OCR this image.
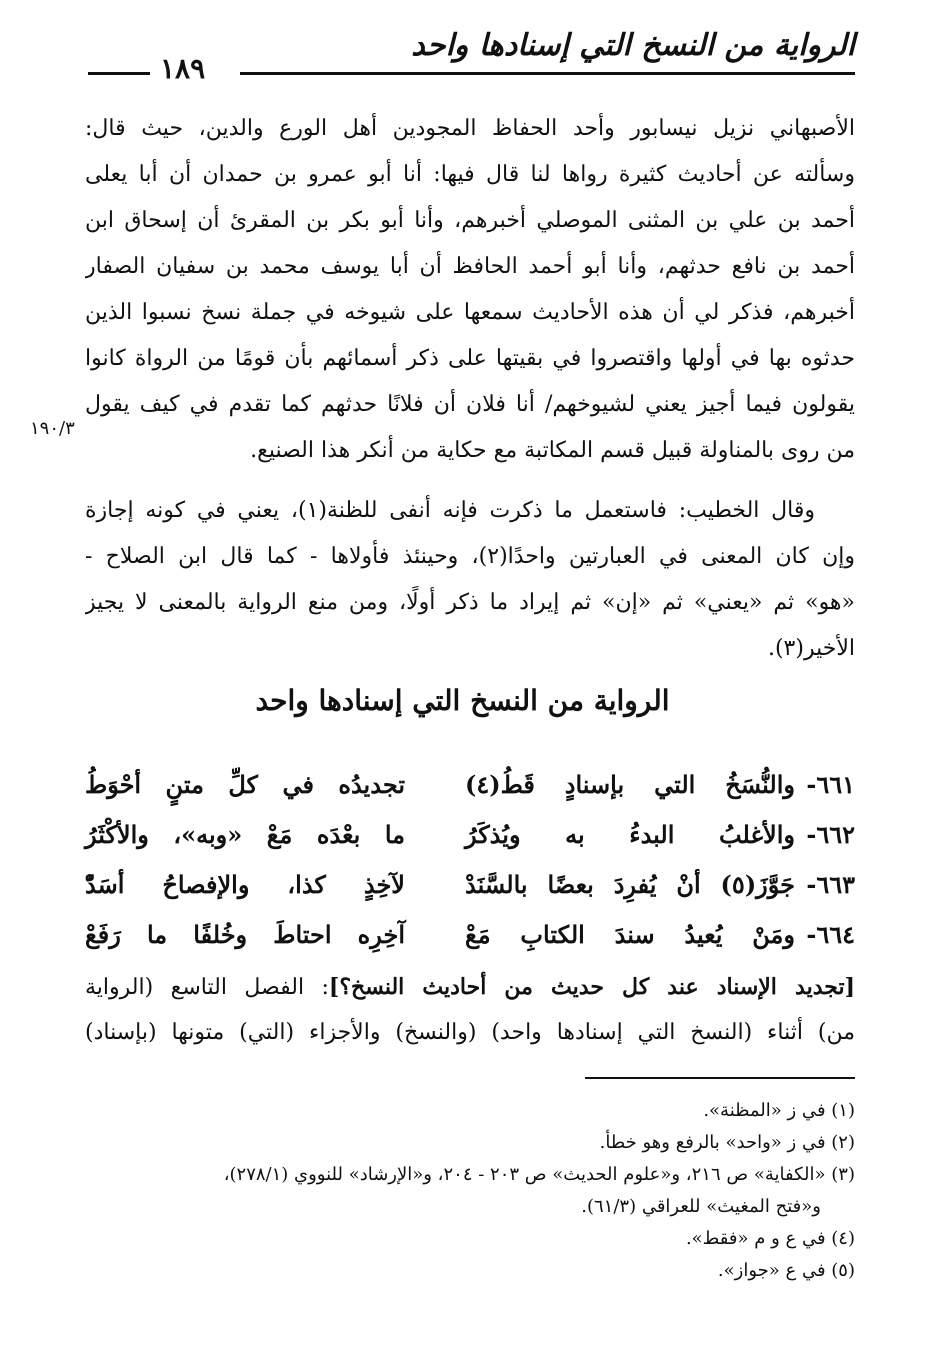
الرواية من النسخ التي إسنادها واحد
١٨٩
الأصبهاني نزيل نيسابور وأحد الحفاظ المجودين أهل الورع والدين، حيث قال:
وسألته عن أحاديث كثيرة رواها لنا قال فيها: أنا أبو عمرو بن حمدان أن أبا يعلى
أحمد بن علي بن المثنى الموصلي أخبرهم، وأنا أبو بكر بن المقرئ أن إسحاق ابن
أحمد بن نافع حدثهم، وأنا أبو أحمد الحافظ أن أبا يوسف محمد بن سفيان الصفار
أخبرهم، فذكر لي أن هذه الأحاديث سمعها على شيوخه في جملة نسخ نسبوا الذين
حدثوه بها في أولها واقتصروا في بقيتها على ذكر أسمائهم بأن قومًا من الرواة كانوا
يقولون فيما أجيز يعني لشيوخهم/ أنا فلان أن فلانًا حدثهم كما تقدم في كيف يقول
من روى بالمناولة قبيل قسم المكاتبة مع حكاية من أنكر هذا الصنيع.
١٩٠/٣
وقال الخطيب: فاستعمل ما ذكرت فإنه أنفى للظنة(١)، يعني في كونه إجازة
وإن كان المعنى في العبارتين واحدًا(٢)، وحينئذ فأولاها - كما قال ابن الصلاح -
«هو» ثم «يعني» ثم «إن» ثم إيراد ما ذكر أولًا، ومن منع الرواية بالمعنى لا يجيز
الأخير(٣).
الرواية من النسخ التي إسنادها واحد
٦٦١-
والنُّسَخُ التي بإسنادٍ قَطُ(٤)
تجديدُه في كلِّ متنٍ أحْوَطُ
٦٦٢-
والأغلبُ البدءُ به ويُذكَرُ
ما بعْدَه مَعْ «وبه»، والأكْثَرُ
٦٦٣-
جَوَّزَ(٥) أنْ يُفرِدَ بعضًا بالسَّنَدْ
لآخِذٍ كذا، والإفصاحُ أسَدّْ
٦٦٤-
ومَنْ يُعيدُ سندَ الكتابِ مَعْ
آخِرِه احتاطَ وخُلفًا ما رَفَعْ
[تجديد الإسناد عند كل حديث من أحاديث النسخ؟]: الفصل التاسع (الرواية
من) أثناء (النسخ التي إسنادها واحد) (والنسخ) والأجزاء (التي) متونها (بإسناد)
(١) في ز «المظنة».
(٢) في ز «واحد» بالرفع وهو خطأ.
(٣) «الكفاية» ص ٢١٦، و«علوم الحديث» ص ٢٠٣ - ٢٠٤، و«الإرشاد» للنووي (٢٧٨/١)،
و«فتح المغيث» للعراقي (٦١/٣).
(٤) في ع و م «فقط».
(٥) في ع «جواز».
